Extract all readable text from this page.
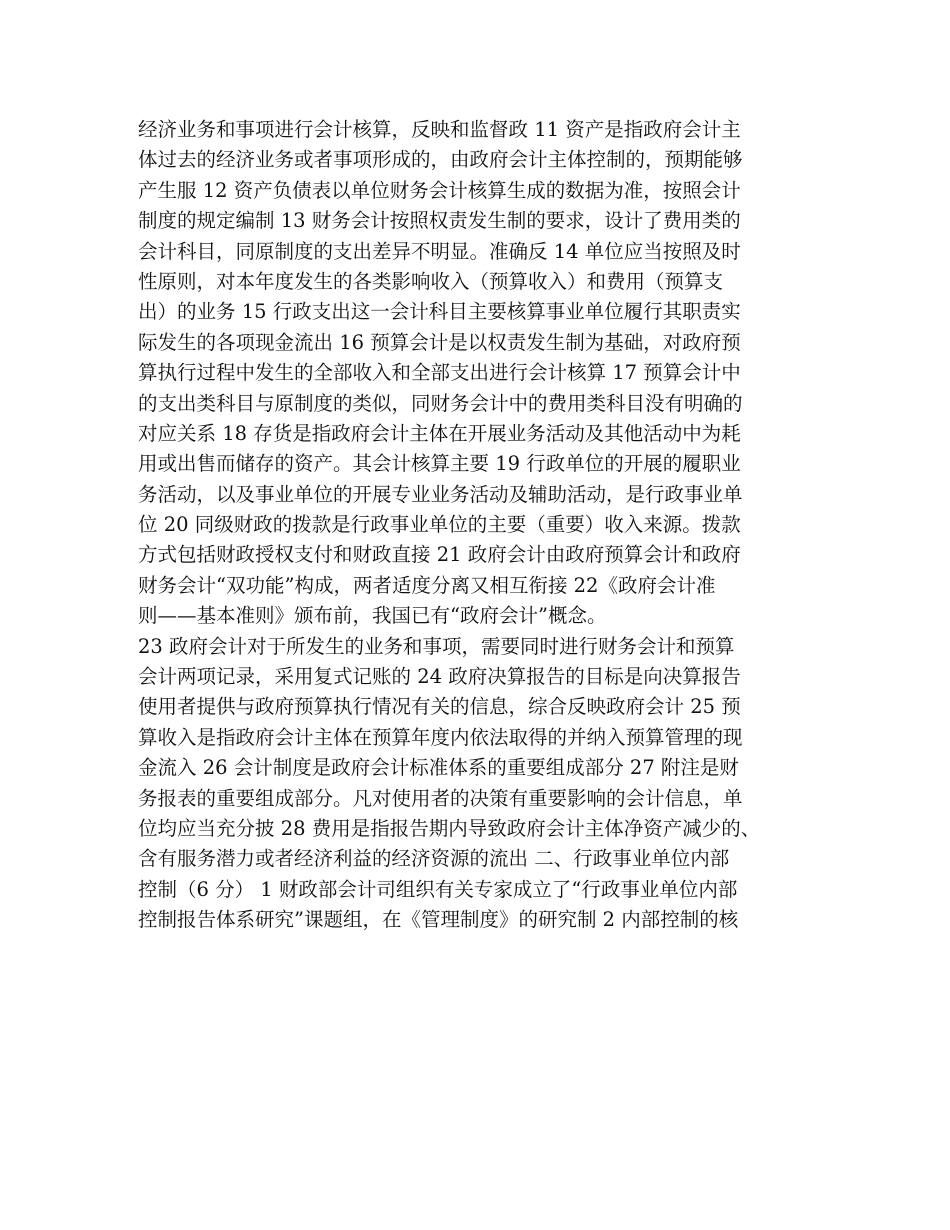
经济业务和事项进行会计核算，反映和监督政 11 资产是指政府会计主
体过去的经济业务或者事项形成的，由政府会计主体控制的，预期能够
产生服 12 资产负债表以单位财务会计核算生成的数据为准，按照会计
制度的规定编制 13 财务会计按照权责发生制的要求，设计了费用类的
会计科目，同原制度的支出差异不明显。准确反 14 单位应当按照及时
性原则，对本年度发生的各类影响收入（预算收入）和费用（预算支
出）的业务 15 行政支出这一会计科目主要核算事业单位履行其职责实
际发生的各项现金流出 16 预算会计是以权责发生制为基础，对政府预
算执行过程中发生的全部收入和全部支出进行会计核算 17 预算会计中
的支出类科目与原制度的类似，同财务会计中的费用类科目没有明确的
对应关系 18 存货是指政府会计主体在开展业务活动及其他活动中为耗
用或出售而储存的资产。其会计核算主要 19 行政单位的开展的履职业
务活动，以及事业单位的开展专业业务活动及辅助活动，是行政事业单
位 20 同级财政的拨款是行政事业单位的主要（重要）收入来源。拨款
方式包括财政授权支付和财政直接 21 政府会计由政府预算会计和政府
财务会计“双功能”构成，两者适度分离又相互衔接 22《政府会计准
则——基本准则》颁布前，我国已有“政府会计”概念。
23 政府会计对于所发生的业务和事项，需要同时进行财务会计和预算
会计两项记录，采用复式记账的 24 政府决算报告的目标是向决算报告
使用者提供与政府预算执行情况有关的信息，综合反映政府会计 25 预
算收入是指政府会计主体在预算年度内依法取得的并纳入预算管理的现
金流入 26 会计制度是政府会计标准体系的重要组成部分 27 附注是财
务报表的重要组成部分。凡对使用者的决策有重要影响的会计信息，单
位均应当充分披 28 费用是指报告期内导致政府会计主体净资产减少的、
含有服务潜力或者经济利益的经济资源的流出 二、行政事业单位内部
控制（6 分） 1 财政部会计司组织有关专家成立了“行政事业单位内部
控制报告体系研究”课题组，在《管理制度》的研究制 2 内部控制的核
